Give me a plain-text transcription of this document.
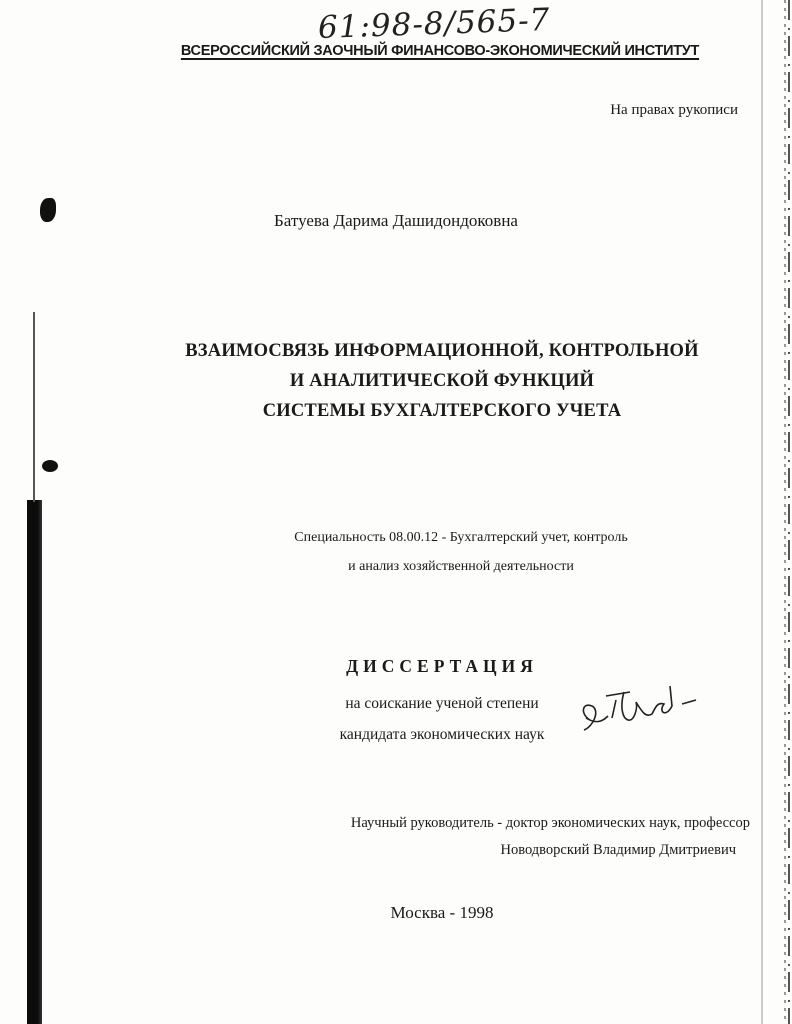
61:98-8/565-7
ВСЕРОССИЙСКИЙ ЗАОЧНЫЙ ФИНАНСОВО-ЭКОНОМИЧЕСКИЙ ИНСТИТУТ
На правах рукописи
Батуева Дарима Дашидондоковна
ВЗАИМОСВЯЗЬ ИНФОРМАЦИОННОЙ, КОНТРОЛЬНОЙ
И АНАЛИТИЧЕСКОЙ ФУНКЦИЙ
СИСТЕМЫ БУХГАЛТЕРСКОГО УЧЕТА
Специальность 08.00.12 - Бухгалтерский учет, контроль
и анализ хозяйственной деятельности
ДИССЕРТАЦИЯ
на соискание ученой степени
кандидата экономических наук
Научный руководитель - доктор экономических наук, профессор
Новодворский Владимир Дмитриевич
Москва - 1998
